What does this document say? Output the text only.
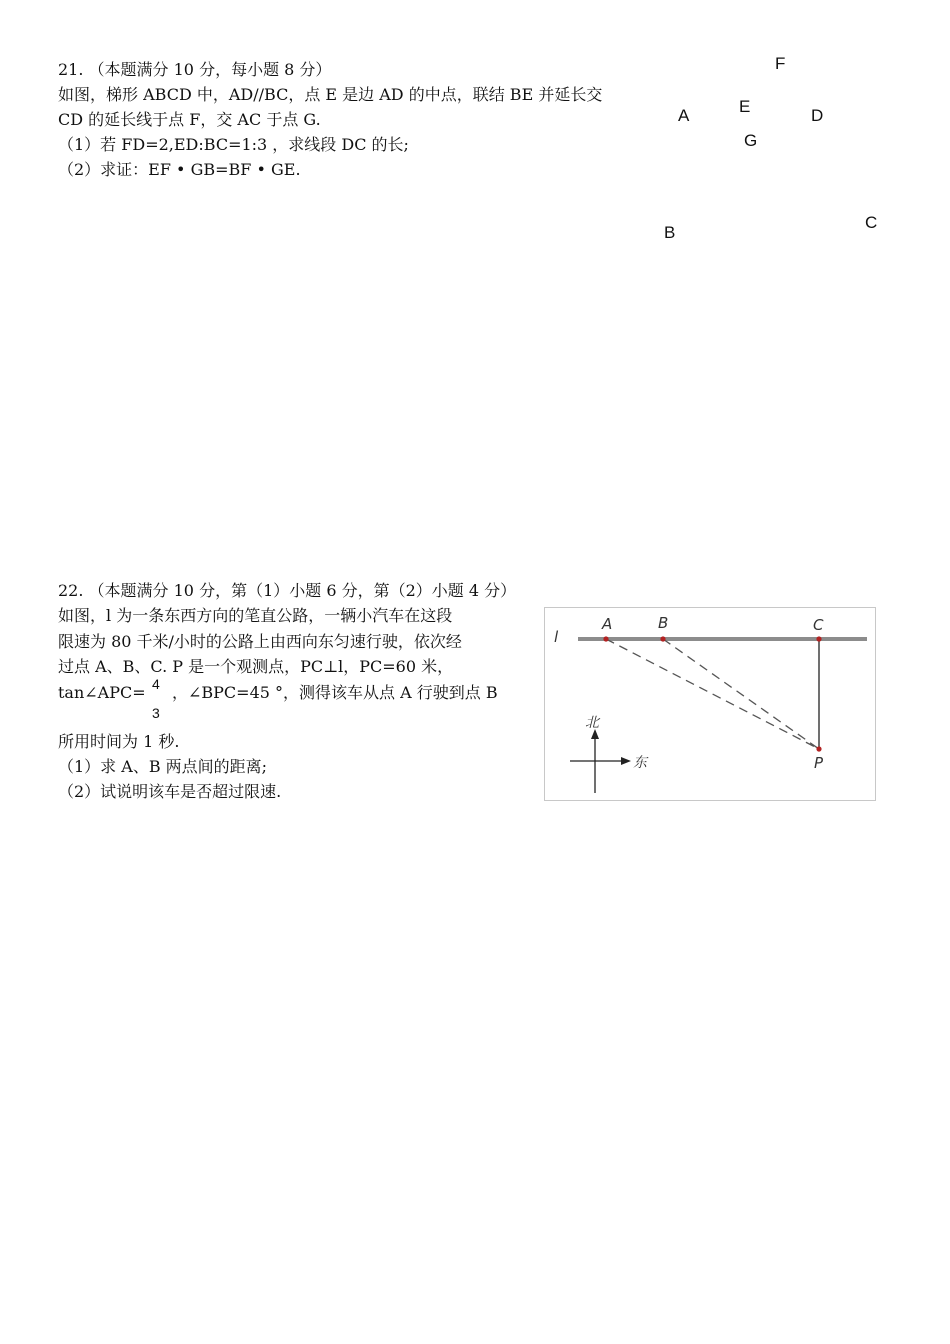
21. （本题满分 10 分，每小题 8 分）
如图，梯形 ABCD 中，AD//BC，点 E 是边 AD 的中点，联结 BE 并延长交
CD 的延长线于点 F，交 AC 于点 G.
（1）若 FD=2,ED:BC=1:3 ，求线段 DC 的长;
（2）求证：EF • GB=BF • GE.
F
A	E	D
G
B
C
22. （本题满分 10 分，第（1）小题 6 分，第（2）小题 4 分）
如图，l 为一条东西方向的笔直公路，一辆小汽车在这段
限速为 80 千米/小时的公路上由西向东匀速行驶，依次经
过点 A、B、C. P 是一个观测点，PC⊥l，PC=60 米，
tan∠APC= 4
3
，∠BPC=45 °，测得该车从点 A 行驶到点 B
所用时间为 1 秒.
（1）求 A、B 两点间的距离;
（2）试说明该车是否超过限速.
l
A	B	C
P
北
东
